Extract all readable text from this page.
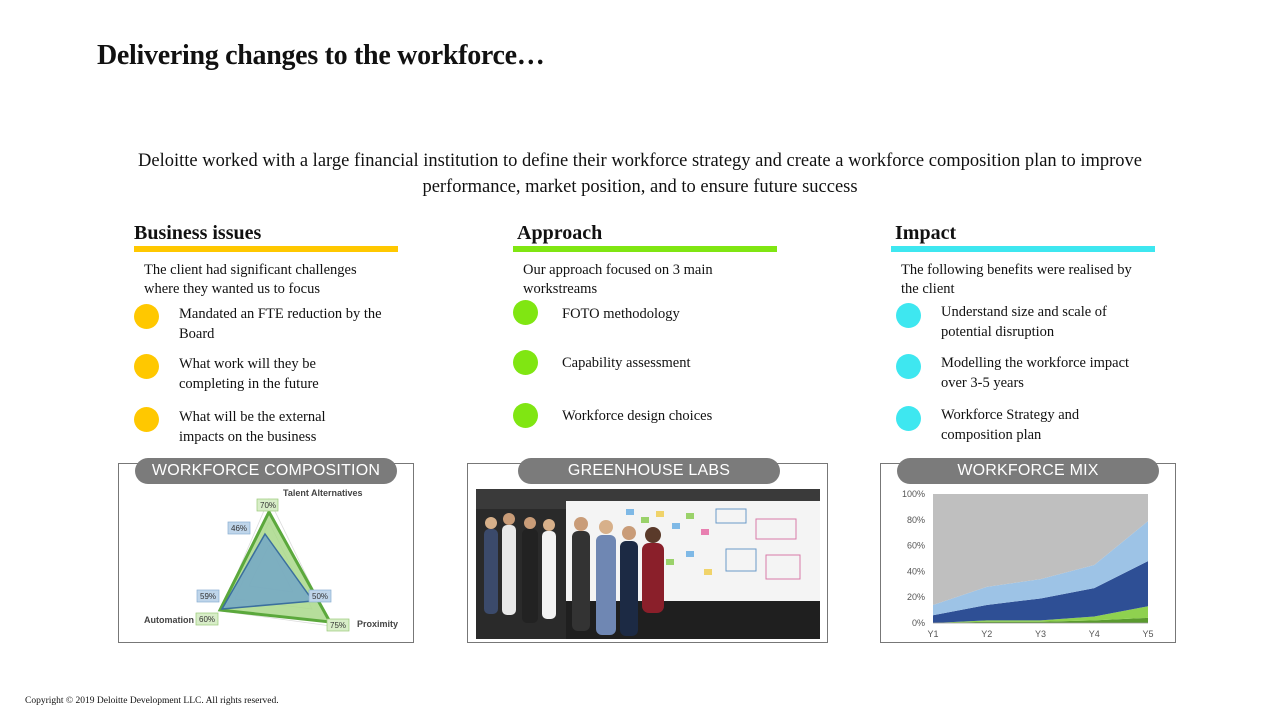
Delivering changes to the workforce…
Deloitte worked with a large financial institution to define their workforce strategy and create a workforce composition plan to improve performance, market position, and to ensure future success
Business issues
The client had significant challenges where they wanted us to focus
Mandated an FTE reduction by the Board
What work will they be completing in the future
What will be the external impacts on the business
Approach
Our approach focused on 3 main workstreams
FOTO methodology
Capability assessment
Workforce design choices
Impact
The following benefits were realised by the client
Understand size and scale of potential disruption
Modelling the workforce impact over 3-5 years
Workforce Strategy and composition plan
Talent Alternatives
Proximity
Automation
70%
46%
59%	50%
60%
75%
WORKFORCE COMPOSITION	GREENHOUSE LABS
100%
80%
60%
40%
20%
0%
Y1	Y2	Y3	Y4	Y5
WORKFORCE MIX
Copyright © 2019 Deloitte Development LLC. All rights reserved.
